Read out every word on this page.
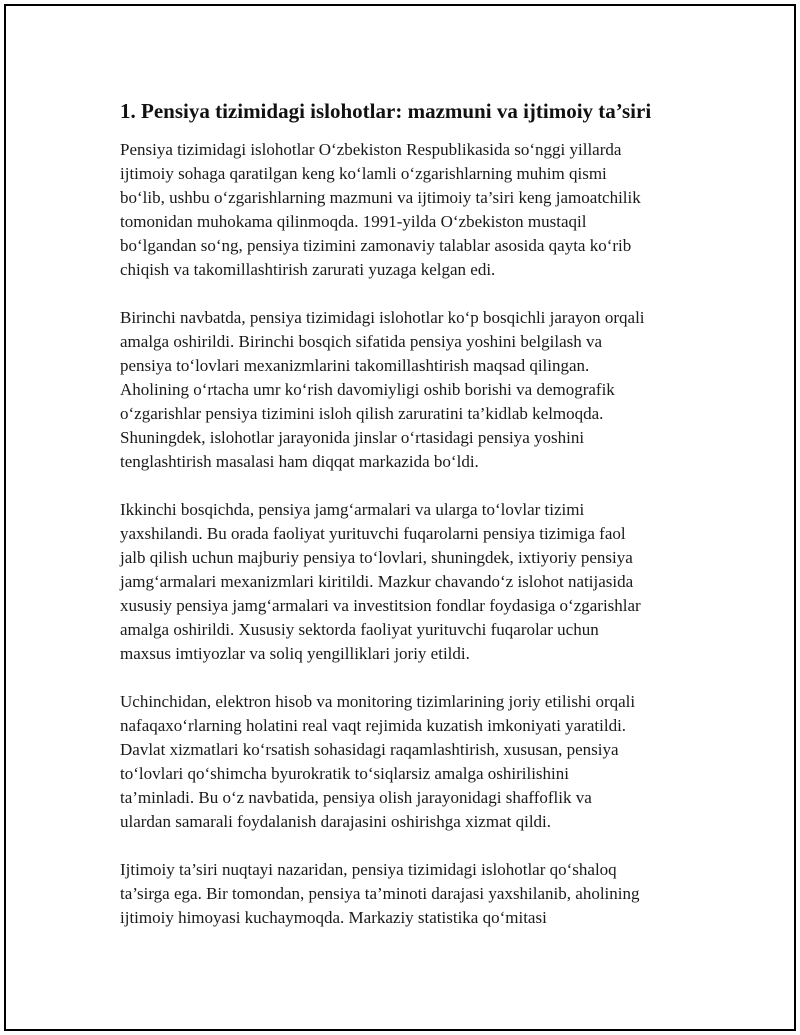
1. Pensiya tizimidagi islohotlar: mazmuni va ijtimoiy ta’siri

Pensiya tizimidagi islohotlar O‘zbekiston Respublikasida so‘nggi yillarda
ijtimoiy sohaga qaratilgan keng ko‘lamli o‘zgarishlarning muhim qismi
bo‘lib, ushbu o‘zgarishlarning mazmuni va ijtimoiy ta’siri keng jamoatchilik
tomonidan muhokama qilinmoqda. 1991-yilda O‘zbekiston mustaqil
bo‘lgandan so‘ng, pensiya tizimini zamonaviy talablar asosida qayta ko‘rib
chiqish va takomillashtirish zarurati yuzaga kelgan edi.

Birinchi navbatda, pensiya tizimidagi islohotlar ko‘p bosqichli jarayon orqali
amalga oshirildi. Birinchi bosqich sifatida pensiya yoshini belgilash va
pensiya to‘lovlari mexanizmlarini takomillashtirish maqsad qilingan.
Aholining o‘rtacha umr ko‘rish davomiyligi oshib borishi va demografik
o‘zgarishlar pensiya tizimini isloh qilish zaruratini ta’kidlab kelmoqda.
Shuningdek, islohotlar jarayonida jinslar o‘rtasidagi pensiya yoshini
tenglashtirish masalasi ham diqqat markazida bo‘ldi.

Ikkinchi bosqichda, pensiya jamg‘armalari va ularga to‘lovlar tizimi
yaxshilandi. Bu orada faoliyat yurituvchi fuqarolarni pensiya tizimiga faol
jalb qilish uchun majburiy pensiya to‘lovlari, shuningdek, ixtiyoriy pensiya
jamg‘armalari mexanizmlari kiritildi. Mazkur chavando‘z islohot natijasida
xususiy pensiya jamg‘armalari va investitsion fondlar foydasiga o‘zgarishlar
amalga oshirildi. Xususiy sektorda faoliyat yurituvchi fuqarolar uchun
maxsus imtiyozlar va soliq yengilliklari joriy etildi.

Uchinchidan, elektron hisob va monitoring tizimlarining joriy etilishi orqali
nafaqaxo‘rlarning holatini real vaqt rejimida kuzatish imkoniyati yaratildi.
Davlat xizmatlari ko‘rsatish sohasidagi raqamlashtirish, xususan, pensiya
to‘lovlari qo‘shimcha byurokratik to‘siqlarsiz amalga oshirilishini
ta’minladi. Bu o‘z navbatida, pensiya olish jarayonidagi shaffoflik va
ulardan samarali foydalanish darajasini oshirishga xizmat qildi.

Ijtimoiy ta’siri nuqtayi nazaridan, pensiya tizimidagi islohotlar qo‘shaloq
ta’sirga ega. Bir tomondan, pensiya ta’minoti darajasi yaxshilanib, aholining
ijtimoiy himoyasi kuchaymoqda. Markaziy statistika qo‘mitasi
